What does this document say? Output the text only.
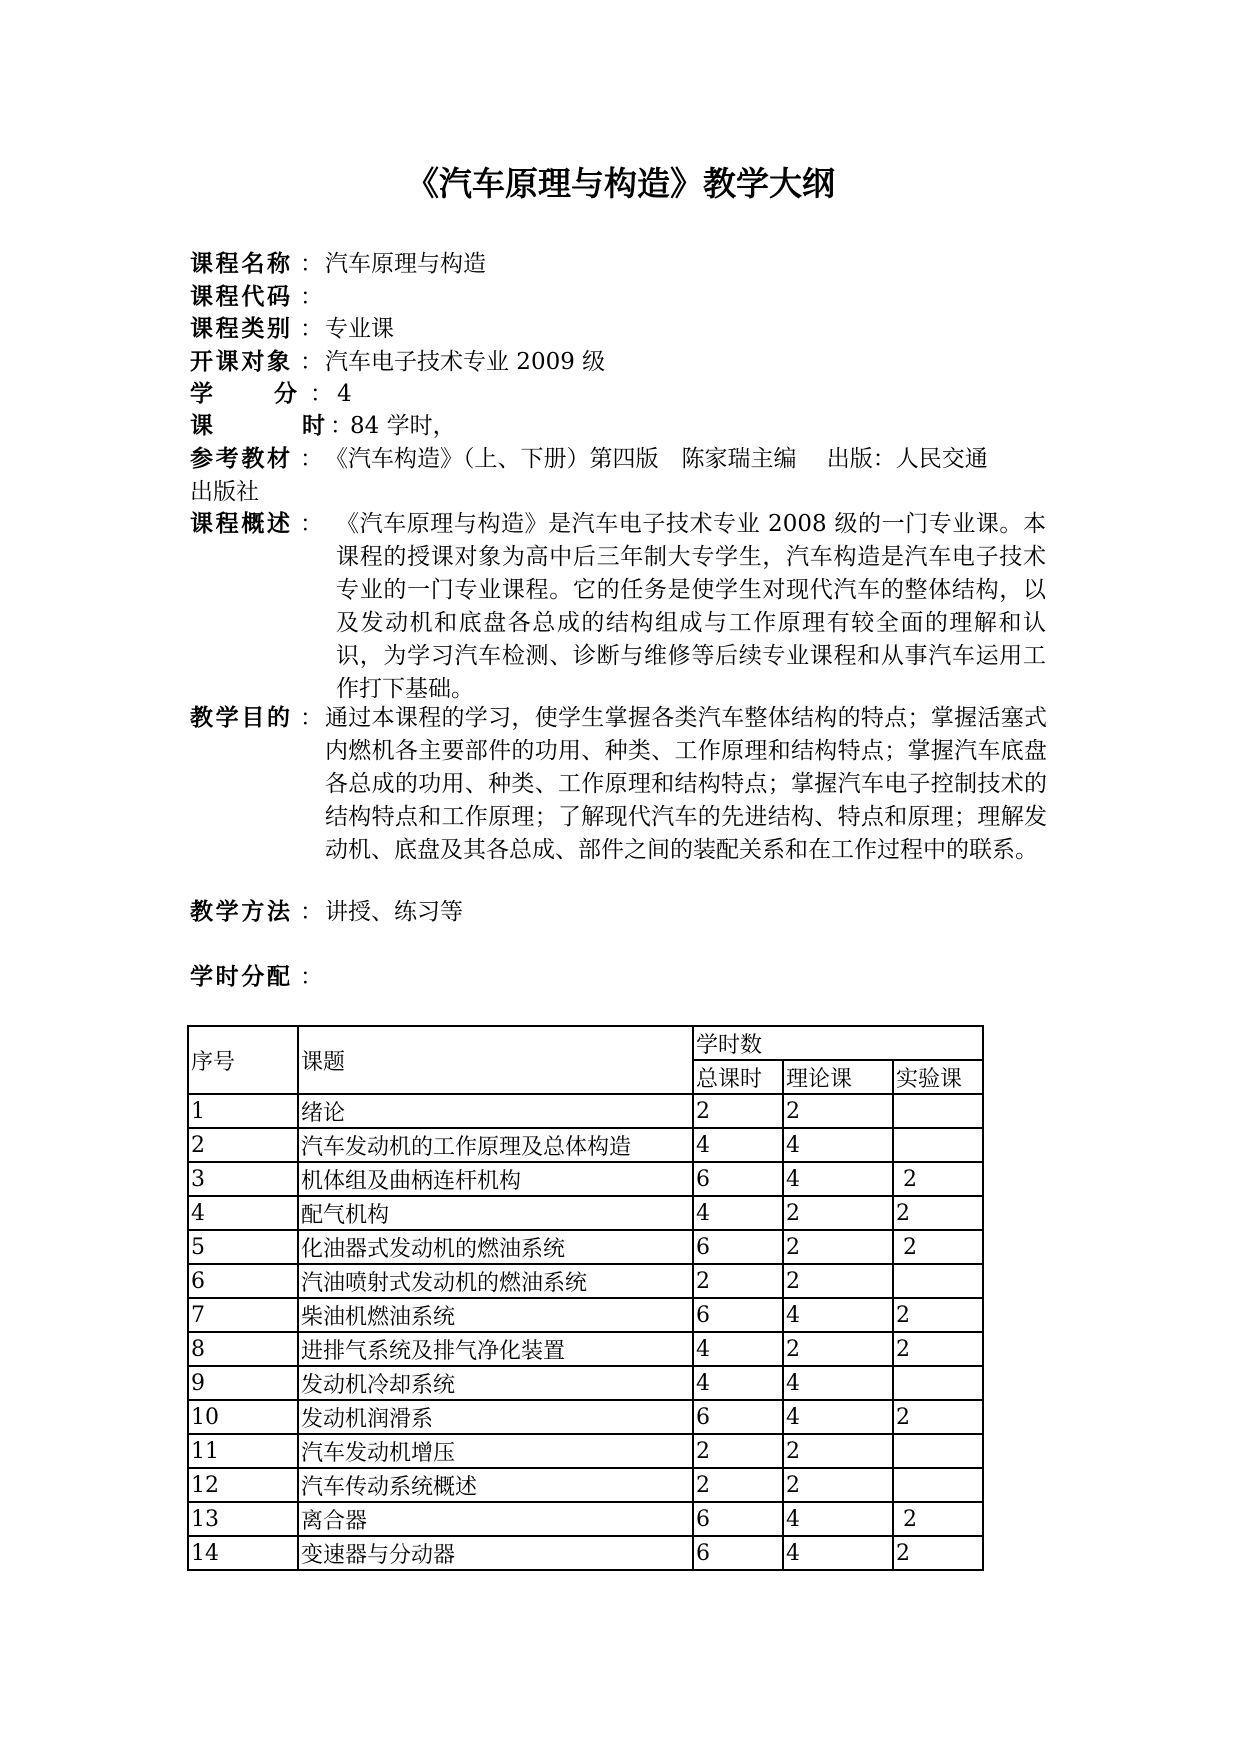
《汽车原理与构造》教学大纲
课程名称 ： 汽车原理与构造
课程代码 ：
课程类别 ： 专业课
开课对象 ： 汽车电子技术专业 2009 级
学	分 ： 4
课	时 ：
84 学时，
参考教材 ： 《汽车构造》（上、下册）第四版　陈家瑞主编　 出版：人民交通
出版社
课程概述 ： 《汽车原理与构造》是汽车电子技术专业 2008 级的一门专业课。本课程的授课对象为高中后三年制大专学生，汽车构造是汽车电子技术专业的一门专业课程。它的任务是使学生对现代汽车的整体结构，以及发动机和底盘各总成的结构组成与工作原理有较全面的理解和认识，为学习汽车检测、诊断与维修等后续专业课程和从事汽车运用工作打下基础。
教学目的 ： 通过本课程的学习，使学生掌握各类汽车整体结构的特点；掌握活塞式内燃机各主要部件的功用、种类、工作原理和结构特点；掌握汽车底盘各总成的功用、种类、工作原理和结构特点；掌握汽车电子控制技术的结构特点和工作原理；了解现代汽车的先进结构、特点和原理；理解发动机、底盘及其各总成、部件之间的装配关系和在工作过程中的联系。
教学方法 ： 讲授、练习等
学时分配 ：
序号	课题	学时数		
		总课时	理论课	实验课
1	绪论	2	2	
2	汽车发动机的工作原理及总体构造	4	4	
3	机体组及曲柄连杆机构	6	4	2
4	配气机构	4	2	2
5	化油器式发动机的燃油系统	6	2	2
6	汽油喷射式发动机的燃油系统	2	2	
7	柴油机燃油系统	6	4	2
8	进排气系统及排气净化装置	4	2	2
9	发动机冷却系统	4	4	
10	发动机润滑系	6	4	2
11	汽车发动机增压	2	2	
12	汽车传动系统概述	2	2	
13	离合器	6	4	2
14	变速器与分动器	6	4	2
